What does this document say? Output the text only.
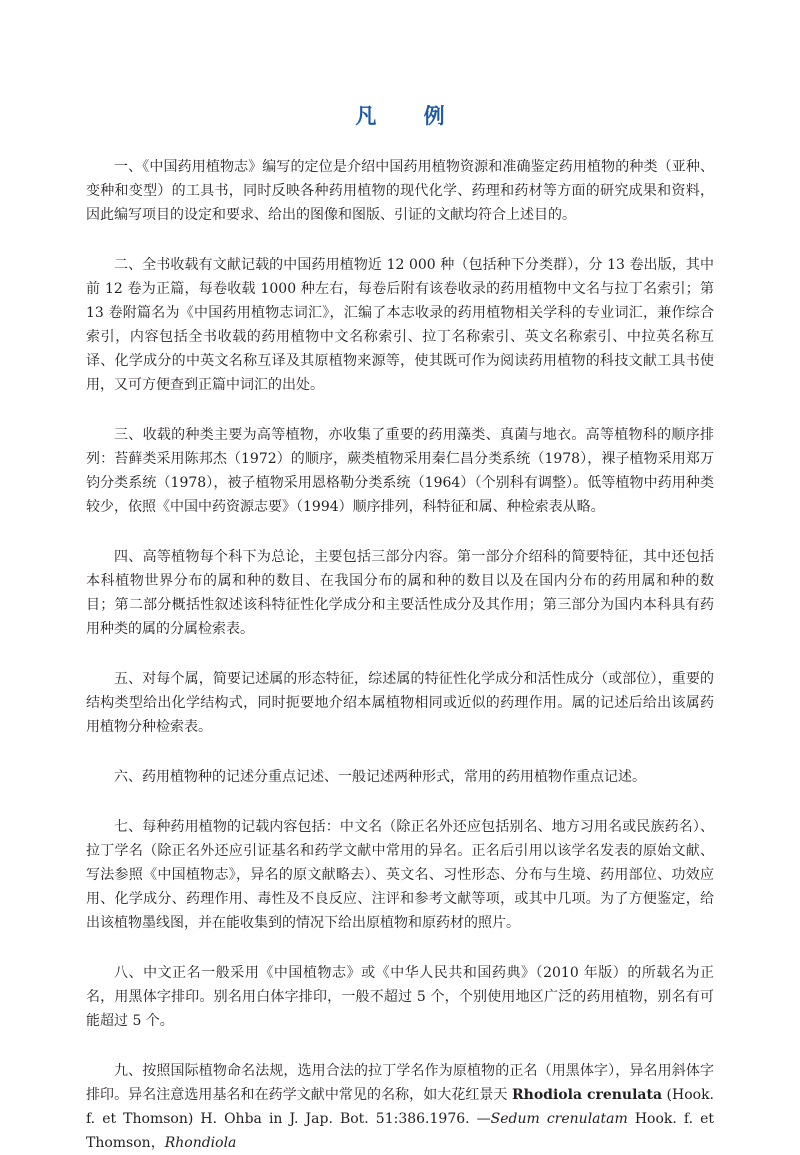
凡 例

一、《中国药用植物志》编写的定位是介绍中国药用植物资源和准确鉴定药用植物的种类（亚种、变种和变型）的工具书，同时反映各种药用植物的现代化学、药理和药材等方面的研究成果和资料，因此编写项目的设定和要求、给出的图像和图版、引证的文献均符合上述目的。

二、全书收载有文献记载的中国药用植物近 12 000 种（包括种下分类群），分 13 卷出版，其中前 12 卷为正篇，每卷收载 1000 种左右，每卷后附有该卷收录的药用植物中文名与拉丁名索引；第 13 卷附篇名为《中国药用植物志词汇》，汇编了本志收录的药用植物相关学科的专业词汇，兼作综合索引，内容包括全书收载的药用植物中文名称索引、拉丁名称索引、英文名称索引、中拉英名称互译、化学成分的中英文名称互译及其原植物来源等，使其既可作为阅读药用植物的科技文献工具书使用，又可方便查到正篇中词汇的出处。

三、收载的种类主要为高等植物，亦收集了重要的药用藻类、真菌与地衣。高等植物科的顺序排列：苔藓类采用陈邦杰（1972）的顺序，蕨类植物采用秦仁昌分类系统（1978），裸子植物采用郑万钧分类系统（1978），被子植物采用恩格勒分类系统（1964）（个别科有调整）。低等植物中药用种类较少，依照《中国中药资源志要》（1994）顺序排列，科特征和属、种检索表从略。

四、高等植物每个科下为总论，主要包括三部分内容。第一部分介绍科的简要特征，其中还包括本科植物世界分布的属和种的数目、在我国分布的属和种的数目以及在国内分布的药用属和种的数目；第二部分概括性叙述该科特征性化学成分和主要活性成分及其作用；第三部分为国内本科具有药用种类的属的分属检索表。

五、对每个属，简要记述属的形态特征，综述属的特征性化学成分和活性成分（或部位），重要的结构类型给出化学结构式，同时扼要地介绍本属植物相同或近似的药理作用。属的记述后给出该属药用植物分种检索表。

六、药用植物种的记述分重点记述、一般记述两种形式，常用的药用植物作重点记述。

七、每种药用植物的记载内容包括：中文名（除正名外还应包括别名、地方习用名或民族药名）、拉丁学名（除正名外还应引证基名和药学文献中常用的异名。正名后引用以该学名发表的原始文献、写法参照《中国植物志》，异名的原文献略去）、英文名、习性形态、分布与生境、药用部位、功效应用、化学成分、药理作用、毒性及不良反应、注评和参考文献等项，或其中几项。为了方便鉴定，给出该植物墨线图，并在能收集到的情况下给出原植物和原药材的照片。

八、中文正名一般采用《中国植物志》或《中华人民共和国药典》（2010 年版）的所载名为正名，用黑体字排印。别名用白体字排印，一般不超过 5 个，个别使用地区广泛的药用植物，别名有可能超过 5 个。

九、按照国际植物命名法规，选用合法的拉丁学名作为原植物的正名（用黑体字），异名用斜体字排印。异名注意选用基名和在药学文献中常见的名称，如大花红景天 Rhodiola crenulata (Hook. f. et Thomson) H. Ohba in J. Jap. Bot. 51:386.1976. —Sedum crenulatam Hook. f. et Thomson，Rhondiola
